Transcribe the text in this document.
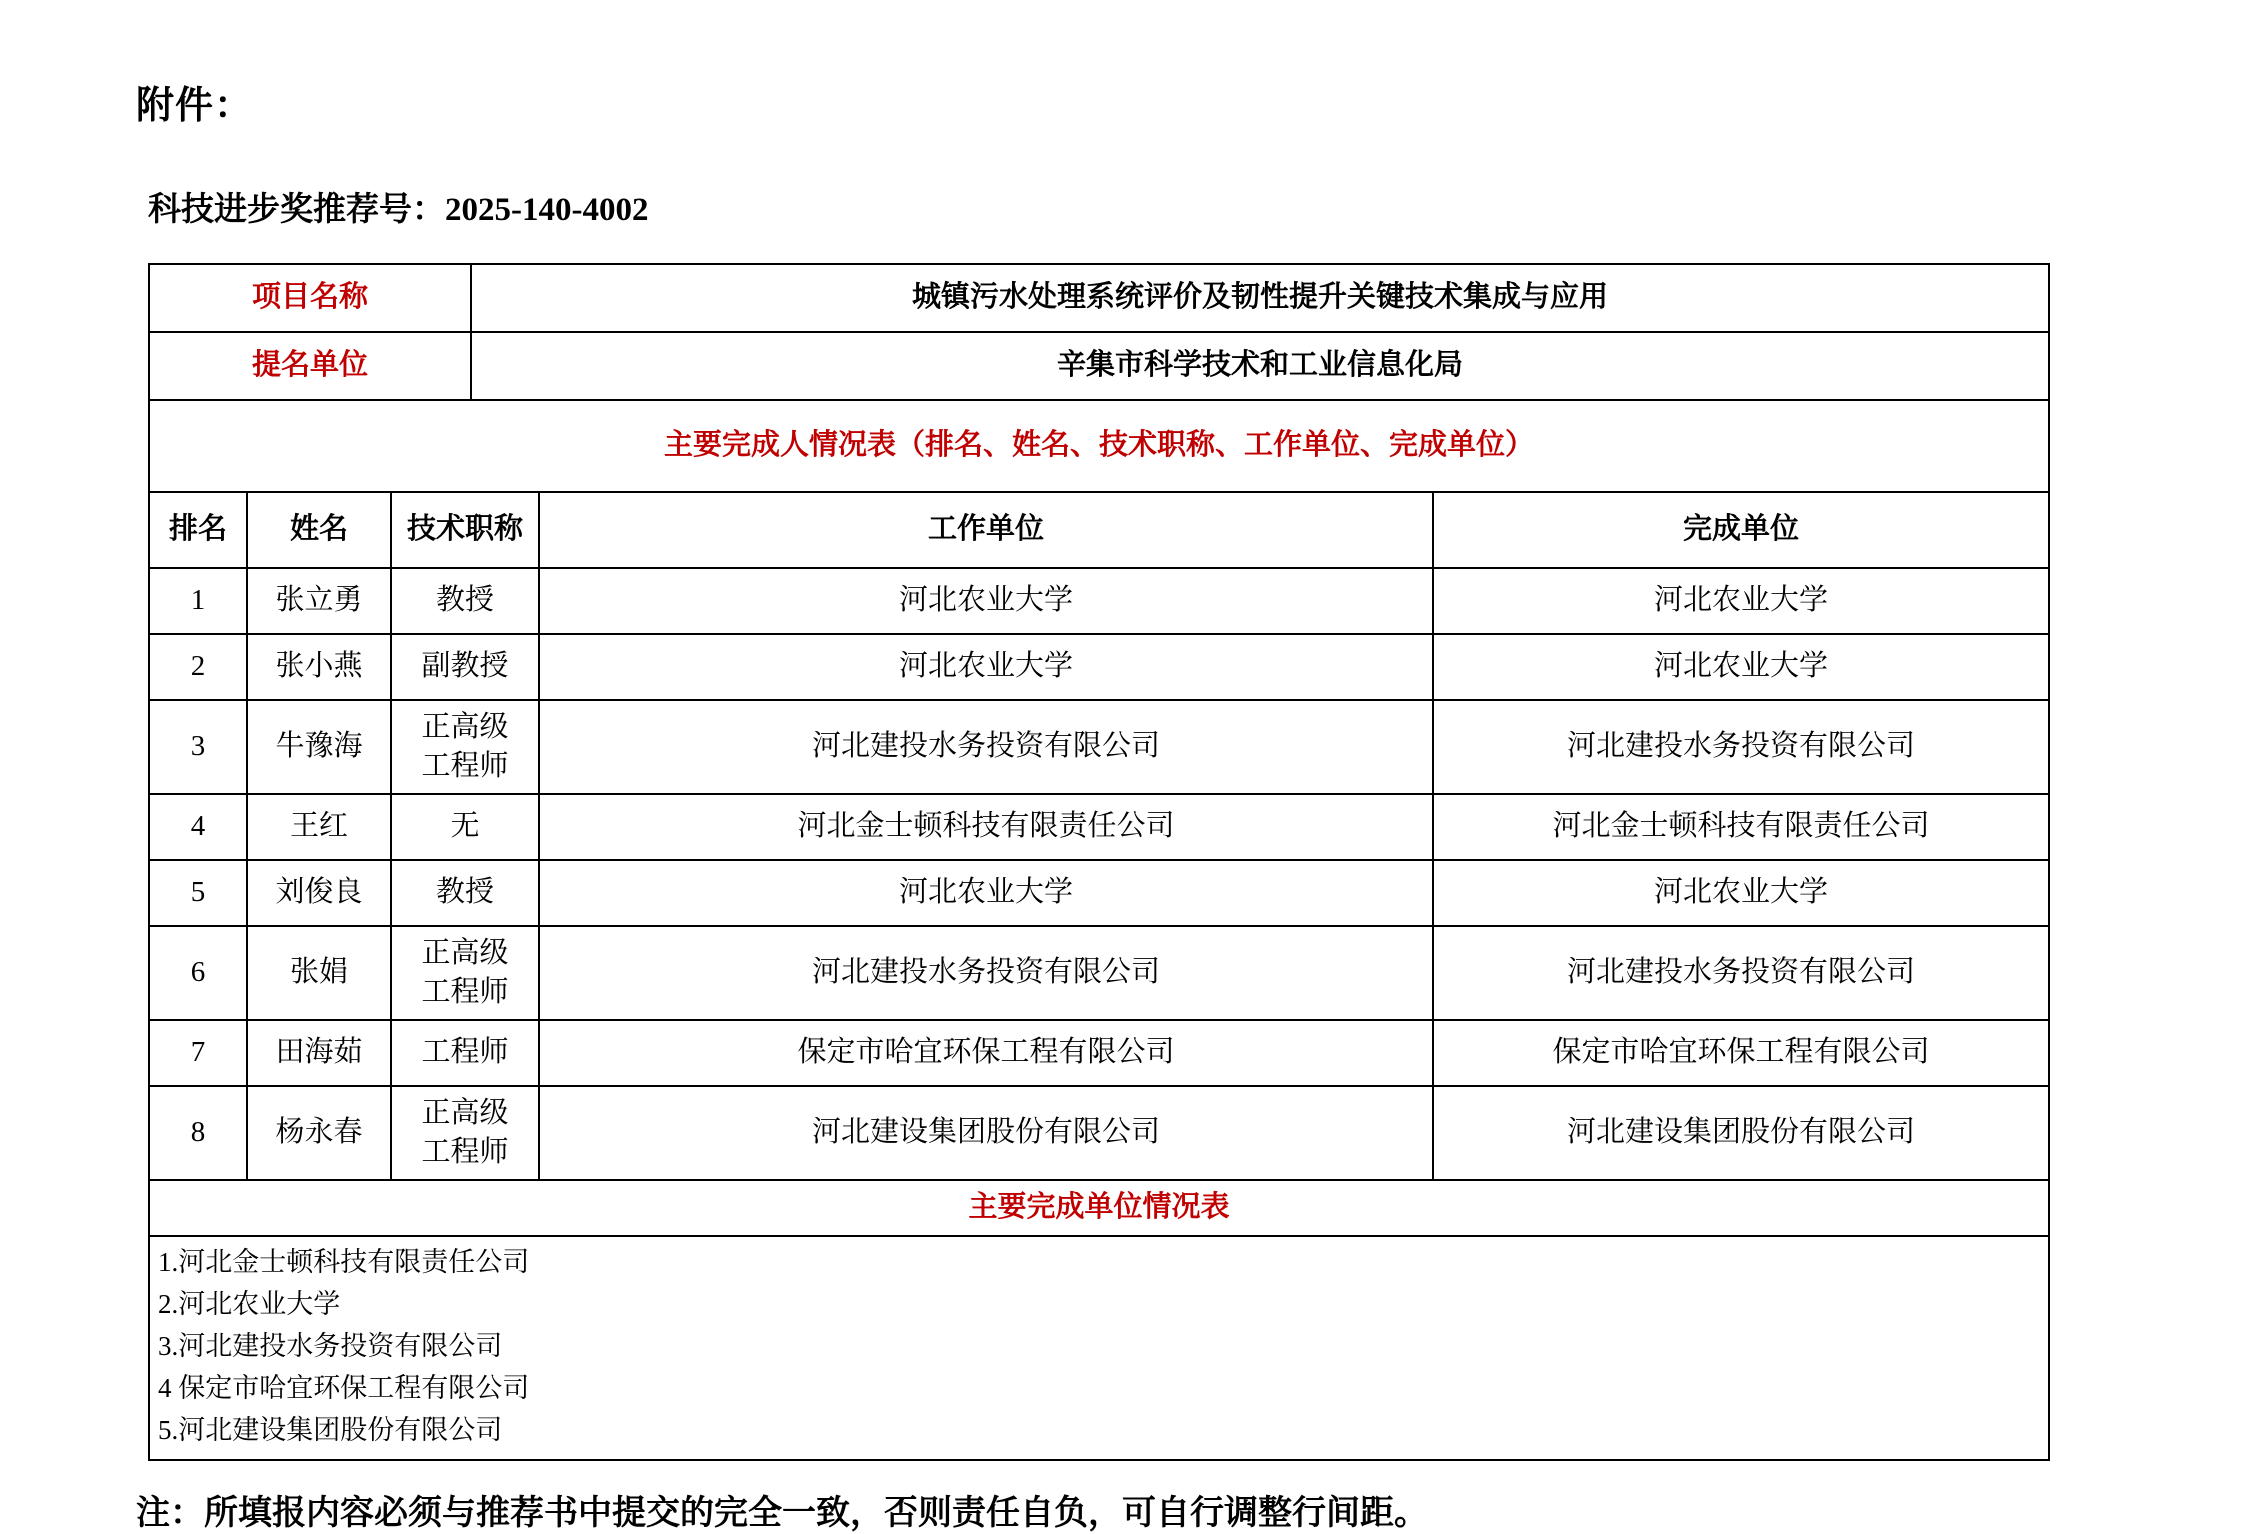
附件：

科技进步奖推荐号：2025-140-4002

项目名称	城镇污水处理系统评价及韧性提升关键技术集成与应用
提名单位	辛集市科学技术和工业信息化局
主要完成人情况表（排名、姓名、技术职称、工作单位、完成单位）				
排名	姓名	技术职称	工作单位	完成单位
1	张立勇	教授	河北农业大学	河北农业大学
2	张小燕	副教授	河北农业大学	河北农业大学
3	牛豫海	正高级工程师	河北建投水务投资有限公司	河北建投水务投资有限公司
4	王红	无	河北金士顿科技有限责任公司	河北金士顿科技有限责任公司
5	刘俊良	教授	河北农业大学	河北农业大学
6	张娟	正高级工程师	河北建投水务投资有限公司	河北建投水务投资有限公司
7	田海茹	工程师	保定市哈宜环保工程有限公司	保定市哈宜环保工程有限公司
8	杨永春	正高级工程师	河北建设集团股份有限公司	河北建设集团股份有限公司
主要完成单位情况表

1.河北金士顿科技有限责任公司
2.河北农业大学
3.河北建投水务投资有限公司
4 保定市哈宜环保工程有限公司
5.河北建设集团股份有限公司

注：所填报内容必须与推荐书中提交的完全一致，否则责任自负，可自行调整行间距。
